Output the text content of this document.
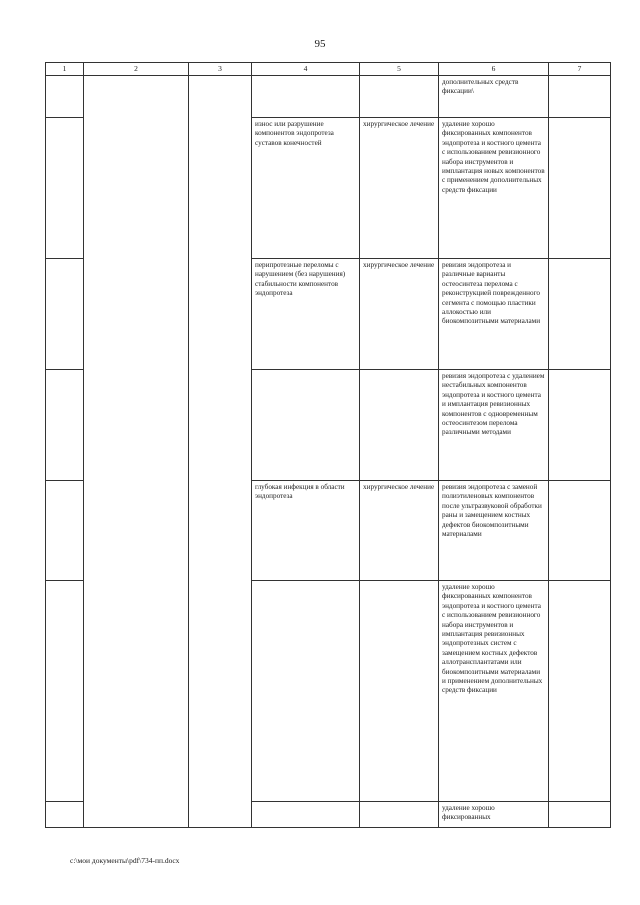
95
1	2	3	4	5	6	7
					дополнительных средств фиксации\	
			износ или разрушение компонентов эндопротеза суставов конечностей	хирургическое лечение	удаление хорошо фиксированных компонентов эндопротеза и костного цемента с использованием ревизионного набора инструментов и имплантация новых компонентов с применением дополнительных средств фиксации	
			перипротезные переломы с нарушением (без нарушения) стабильности компонентов эндопротеза	хирургическое лечение	ревизия эндопротеза и различные варианты остеосинтеза перелома с реконструкцией поврежденного сегмента с помощью пластики аллокостью или биокомпозитными материалами	
					ревизия эндопротеза с удалением нестабильных компонентов эндопротеза и костного цемента и имплантация ревизионных компонентов с одновременным остеосинтезом перелома различными методами	
			глубокая инфекция в области эндопротеза	хирургическое лечение	ревизия эндопротеза с заменой полиэтиленовых компонентов после ультразвуковой обработки раны и замещением костных дефектов биокомпозитными материалами	
					удаление хорошо фиксированных компонентов эндопротеза и костного цемента с использованием ревизионного набора инструментов и имплантация ревизионных эндопротезных систем с замещением костных дефектов аллотрансплантатами или биокомпозитными материалами и применением дополнительных средств фиксации	
					удаление хорошо фиксированных	
c:\мои документы\pdf\734-пп.docx
